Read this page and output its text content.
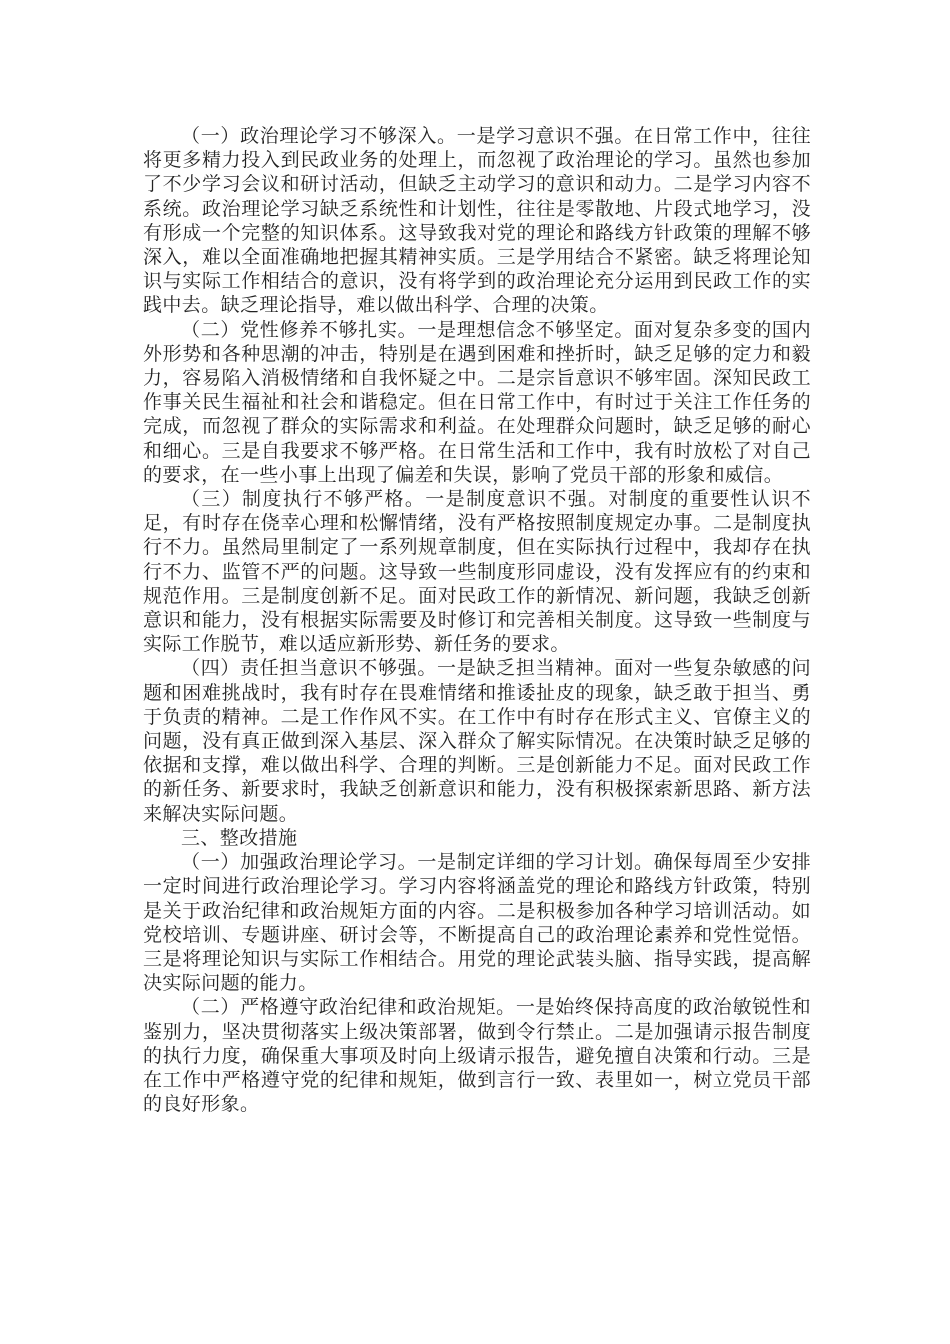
（一）政治理论学习不够深入。一是学习意识不强。在日常工作中，往往将更多精力投入到民政业务的处理上，而忽视了政治理论的学习。虽然也参加了不少学习会议和研讨活动，但缺乏主动学习的意识和动力。二是学习内容不系统。政治理论学习缺乏系统性和计划性，往往是零散地、片段式地学习，没有形成一个完整的知识体系。这导致我对党的理论和路线方针政策的理解不够深入，难以全面准确地把握其精神实质。三是学用结合不紧密。缺乏将理论知识与实际工作相结合的意识，没有将学到的政治理论充分运用到民政工作的实践中去。缺乏理论指导，难以做出科学、合理的决策。

（二）党性修养不够扎实。一是理想信念不够坚定。面对复杂多变的国内外形势和各种思潮的冲击，特别是在遇到困难和挫折时，缺乏足够的定力和毅力，容易陷入消极情绪和自我怀疑之中。二是宗旨意识不够牢固。深知民政工作事关民生福祉和社会和谐稳定。但在日常工作中，有时过于关注工作任务的完成，而忽视了群众的实际需求和利益。在处理群众问题时，缺乏足够的耐心和细心。三是自我要求不够严格。在日常生活和工作中，我有时放松了对自己的要求，在一些小事上出现了偏差和失误，影响了党员干部的形象和威信。

（三）制度执行不够严格。一是制度意识不强。对制度的重要性认识不足，有时存在侥幸心理和松懈情绪，没有严格按照制度规定办事。二是制度执行不力。虽然局里制定了一系列规章制度，但在实际执行过程中，我却存在执行不力、监管不严的问题。这导致一些制度形同虚设，没有发挥应有的约束和规范作用。三是制度创新不足。面对民政工作的新情况、新问题，我缺乏创新意识和能力，没有根据实际需要及时修订和完善相关制度。这导致一些制度与实际工作脱节，难以适应新形势、新任务的要求。

（四）责任担当意识不够强。一是缺乏担当精神。面对一些复杂敏感的问题和困难挑战时，我有时存在畏难情绪和推诿扯皮的现象，缺乏敢于担当、勇于负责的精神。二是工作作风不实。在工作中有时存在形式主义、官僚主义的问题，没有真正做到深入基层、深入群众了解实际情况。在决策时缺乏足够的依据和支撑，难以做出科学、合理的判断。三是创新能力不足。面对民政工作的新任务、新要求时，我缺乏创新意识和能力，没有积极探索新思路、新方法来解决实际问题。

三、整改措施

（一）加强政治理论学习。一是制定详细的学习计划。确保每周至少安排一定时间进行政治理论学习。学习内容将涵盖党的理论和路线方针政策，特别是关于政治纪律和政治规矩方面的内容。二是积极参加各种学习培训活动。如党校培训、专题讲座、研讨会等，不断提高自己的政治理论素养和党性觉悟。三是将理论知识与实际工作相结合。用党的理论武装头脑、指导实践，提高解决实际问题的能力。

（二）严格遵守政治纪律和政治规矩。一是始终保持高度的政治敏锐性和鉴别力，坚决贯彻落实上级决策部署，做到令行禁止。二是加强请示报告制度的执行力度，确保重大事项及时向上级请示报告，避免擅自决策和行动。三是在工作中严格遵守党的纪律和规矩，做到言行一致、表里如一，树立党员干部的良好形象。
